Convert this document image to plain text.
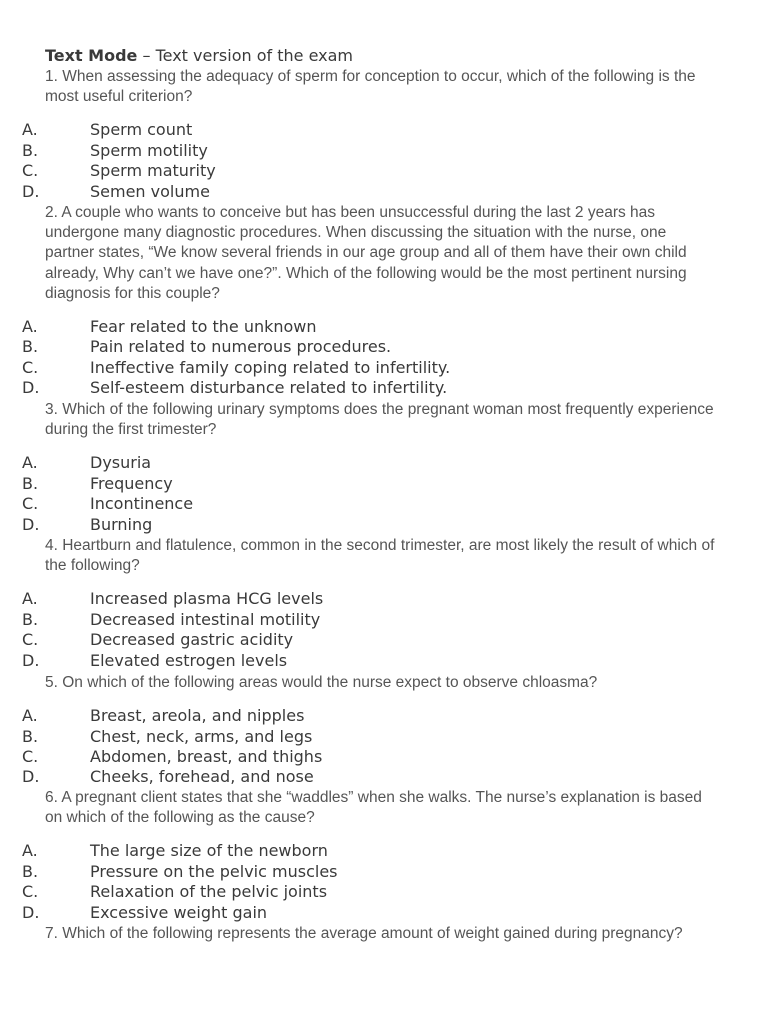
Text Mode – Text version of the exam
1. When assessing the adequacy of sperm for conception to occur, which of the following is the most useful criterion?
A.	Sperm count
B.	Sperm motility
C.	Sperm maturity
D.	Semen volume
2. A couple who wants to conceive but has been unsuccessful during the last 2 years has undergone many diagnostic procedures. When discussing the situation with the nurse, one partner states, “We know several friends in our age group and all of them have their own child already, Why can’t we have one?”. Which of the following would be the most pertinent nursing diagnosis for this couple?
A.	Fear related to the unknown
B.	Pain related to numerous procedures.
C.	Ineffective family coping related to infertility.
D.	Self-esteem disturbance related to infertility.
3. Which of the following urinary symptoms does the pregnant woman most frequently experience during the first trimester?
A.	Dysuria
B.	Frequency
C.	Incontinence
D.	Burning
4. Heartburn and flatulence, common in the second trimester, are most likely the result of which of the following?
A.	Increased plasma HCG levels
B.	Decreased intestinal motility
C.	Decreased gastric acidity
D.	Elevated estrogen levels
5. On which of the following areas would the nurse expect to observe chloasma?
A.	Breast, areola, and nipples
B.	Chest, neck, arms, and legs
C.	Abdomen, breast, and thighs
D.	Cheeks, forehead, and nose
6. A pregnant client states that she “waddles” when she walks. The nurse’s explanation is based on which of the following as the cause?
A.	The large size of the newborn
B.	Pressure on the pelvic muscles
C.	Relaxation of the pelvic joints
D.	Excessive weight gain
7. Which of the following represents the average amount of weight gained during pregnancy?
